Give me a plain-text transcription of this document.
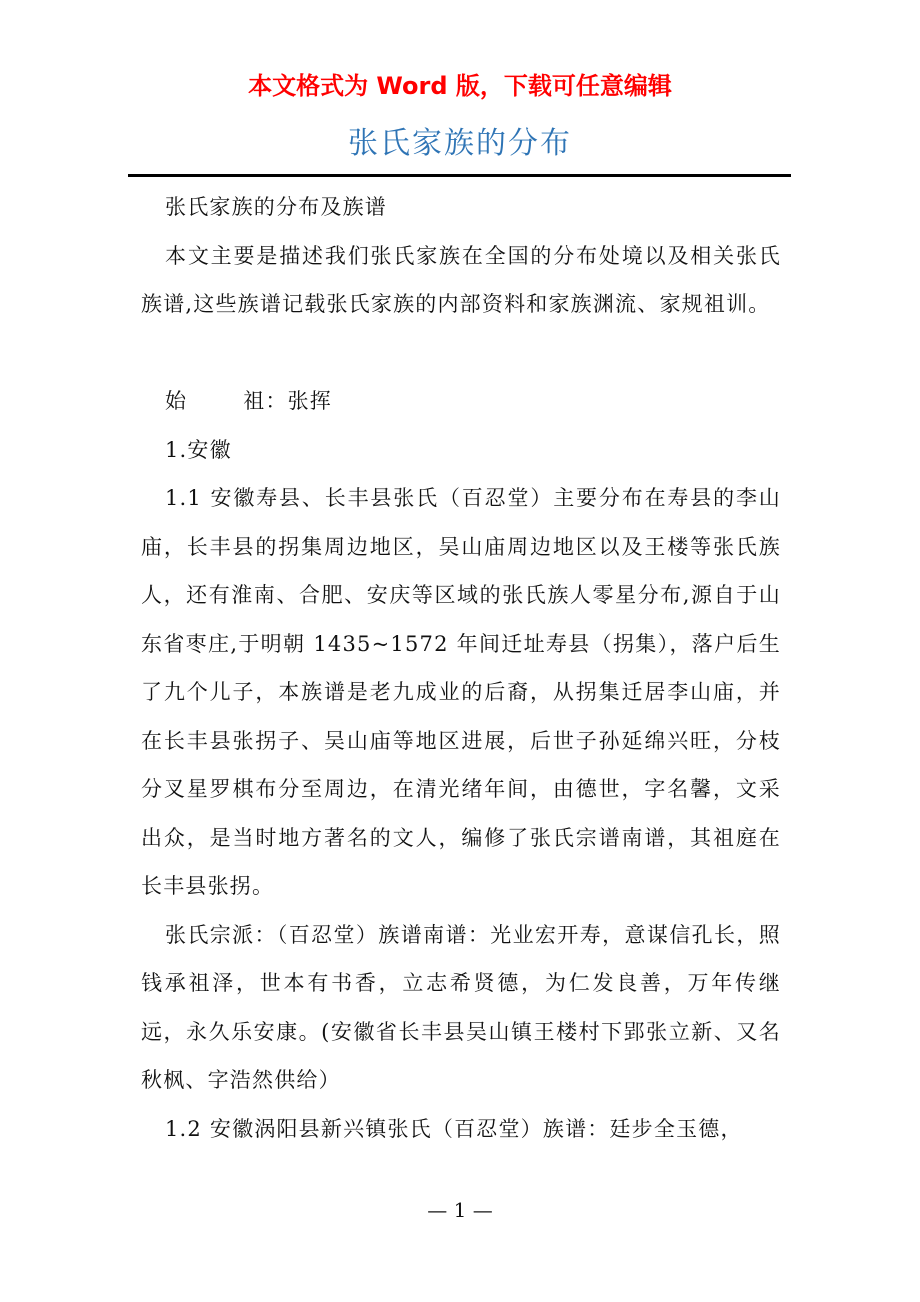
本文格式为 Word 版，下载可任意编辑
张氏家族的分布

张氏家族的分布及族谱

本文主要是描述我们张氏家族在全国的分布处境以及相关张氏族谱,这些族谱记载张氏家族的内部资料和家族渊流、家规祖训。

始	祖：张挥

1.安徽

1.1 安徽寿县、长丰县张氏（百忍堂）主要分布在寿县的李山庙，长丰县的拐集周边地区，吴山庙周边地区以及王楼等张氏族人，还有淮南、合肥、安庆等区域的张氏族人零星分布,源自于山东省枣庄,于明朝 1435~1572 年间迁址寿县（拐集），落户后生了九个儿子，本族谱是老九成业的后裔，从拐集迁居李山庙，并在长丰县张拐子、吴山庙等地区进展，后世子孙延绵兴旺，分枝分叉星罗棋布分至周边，在清光绪年间，由德世，字名馨，文采出众，是当时地方著名的文人，编修了张氏宗谱南谱，其祖庭在长丰县张拐。

张氏宗派：（百忍堂）族谱南谱：光业宏开寿，意谋信孔长，照钱承祖泽，世本有书香，立志希贤德，为仁发良善，万年传继远，永久乐安康。(安徽省长丰县吴山镇王楼村下郢张立新、又名秋枫、字浩然供给）

1.2 安徽涡阳县新兴镇张氏（百忍堂）族谱：廷步全玉德，

— 1 —
